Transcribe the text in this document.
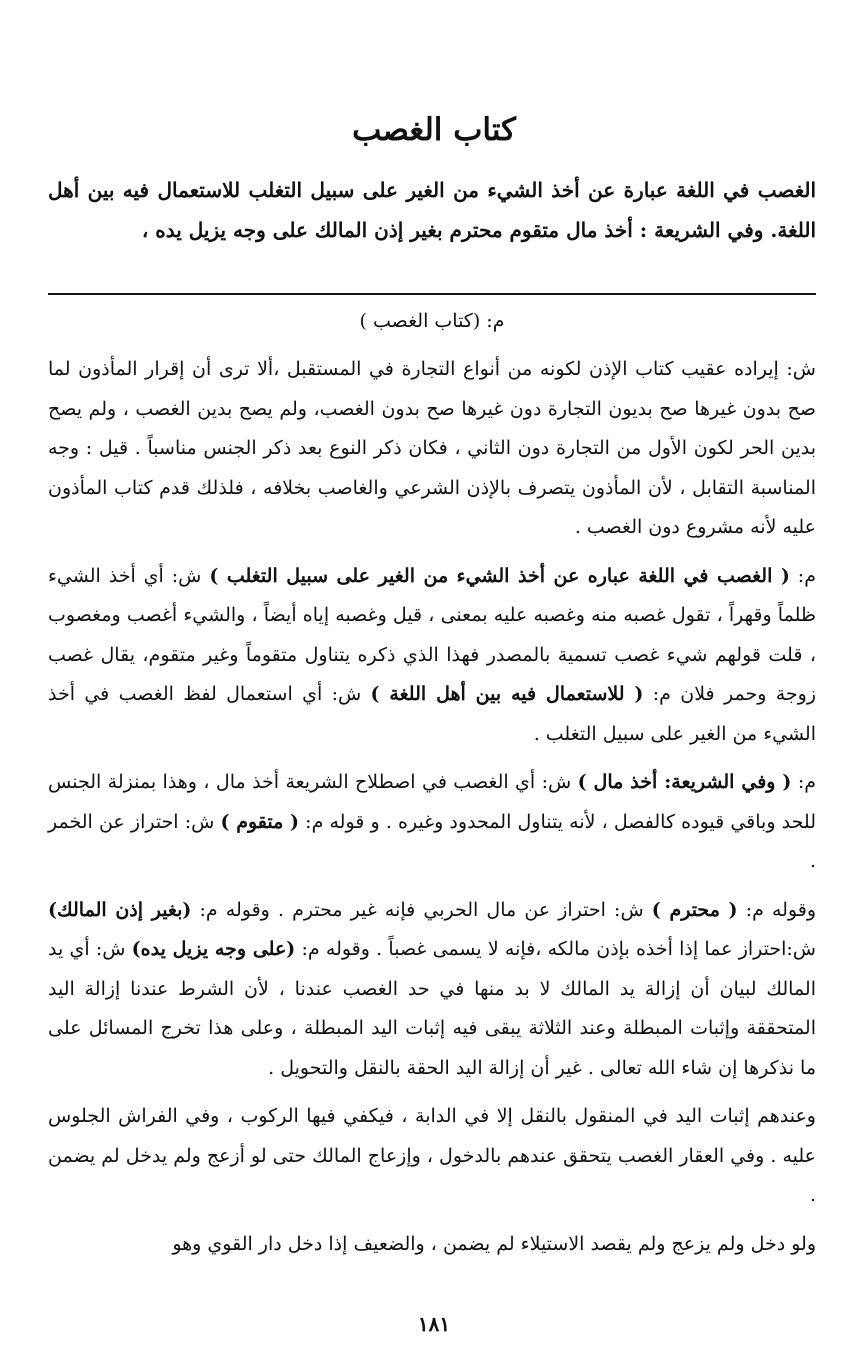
كتاب الغصب

الغصب في اللغة عبارة عن أخذ الشيء من الغير على سبيل التغلب للاستعمال فيه بين أهل اللغة. وفي الشريعة : أخذ مال متقوم محترم بغير إذن المالك على وجه يزيل يده ،

م: (كتاب الغصب )

ش: إيراده عقيب كتاب الإذن لكونه من أنواع التجارة في المستقبل ،ألا ترى أن إقرار المأذون لما صح بدون غيرها صح بديون التجارة دون غيرها صح بدون الغصب، ولم يصح بدين الغصب ، ولم يصح بدين الحر لكون الأول من التجارة دون الثاني ، فكان ذكر النوع بعد ذكر الجنس مناسباً . قيل : وجه المناسبة التقابل ، لأن المأذون يتصرف بالإذن الشرعي والغاصب بخلافه ، فلذلك قدم كتاب المأذون عليه لأنه مشروع دون الغصب .

م: ( الغصب في اللغة عباره عن أخذ الشيء من الغير على سبيل التغلب ) ش: أي أخذ الشيء ظلماً وقهراً ، تقول غصبه منه وغصبه عليه بمعنى ، قيل وغصبه إياه أيضاً ، والشيء أغصب ومغصوب ، قلت قولهم شيء غصب تسمية بالمصدر فهذا الذي ذكره يتناول متقوماً وغير متقوم، يقال غصب زوجة وحمر فلان م: ( للاستعمال فيه بين أهل اللغة ) ش: أي استعمال لفظ الغصب في أخذ الشيء من الغير على سبيل التغلب .

م: ( وفي الشريعة: أخذ مال ) ش: أي الغصب في اصطلاح الشريعة أخذ مال ، وهذا بمنزلة الجنس للحد وباقي قيوده كالفصل ، لأنه يتناول المحدود وغيره . و قوله م: ( متقوم ) ش: احتراز عن الخمر .

وقوله م: ( محترم ) ش: احتراز عن مال الحربي فإنه غير محترم . وقوله م: (بغير إذن المالك) ش:احتراز عما إذا أخذه بإذن مالكه ،فإنه لا يسمى غصباً . وقوله م: (على وجه يزيل يده) ش: أي يد المالك لبيان أن إزالة يد المالك لا بد منها في حد الغصب عندنا ، لأن الشرط عندنا إزالة اليد المتحققة وإثبات المبطلة وعند الثلاثة يبقى فيه إثبات اليد المبطلة ، وعلى هذا تخرج المسائل على ما نذكرها إن شاء الله تعالى . غير أن إزالة اليد الحقة بالنقل والتحويل .

وعندهم إثبات اليد في المنقول بالنقل إلا في الدابة ، فيكفي فيها الركوب ، وفي الفراش الجلوس عليه . وفي العقار الغصب يتحقق عندهم بالدخول ، وإزعاج المالك حتى لو أزعج ولم يدخل لم يضمن .

ولو دخل ولم يزعج ولم يقصد الاستيلاء لم يضمن ، والضعيف إذا دخل دار القوي وهو

١٨١
